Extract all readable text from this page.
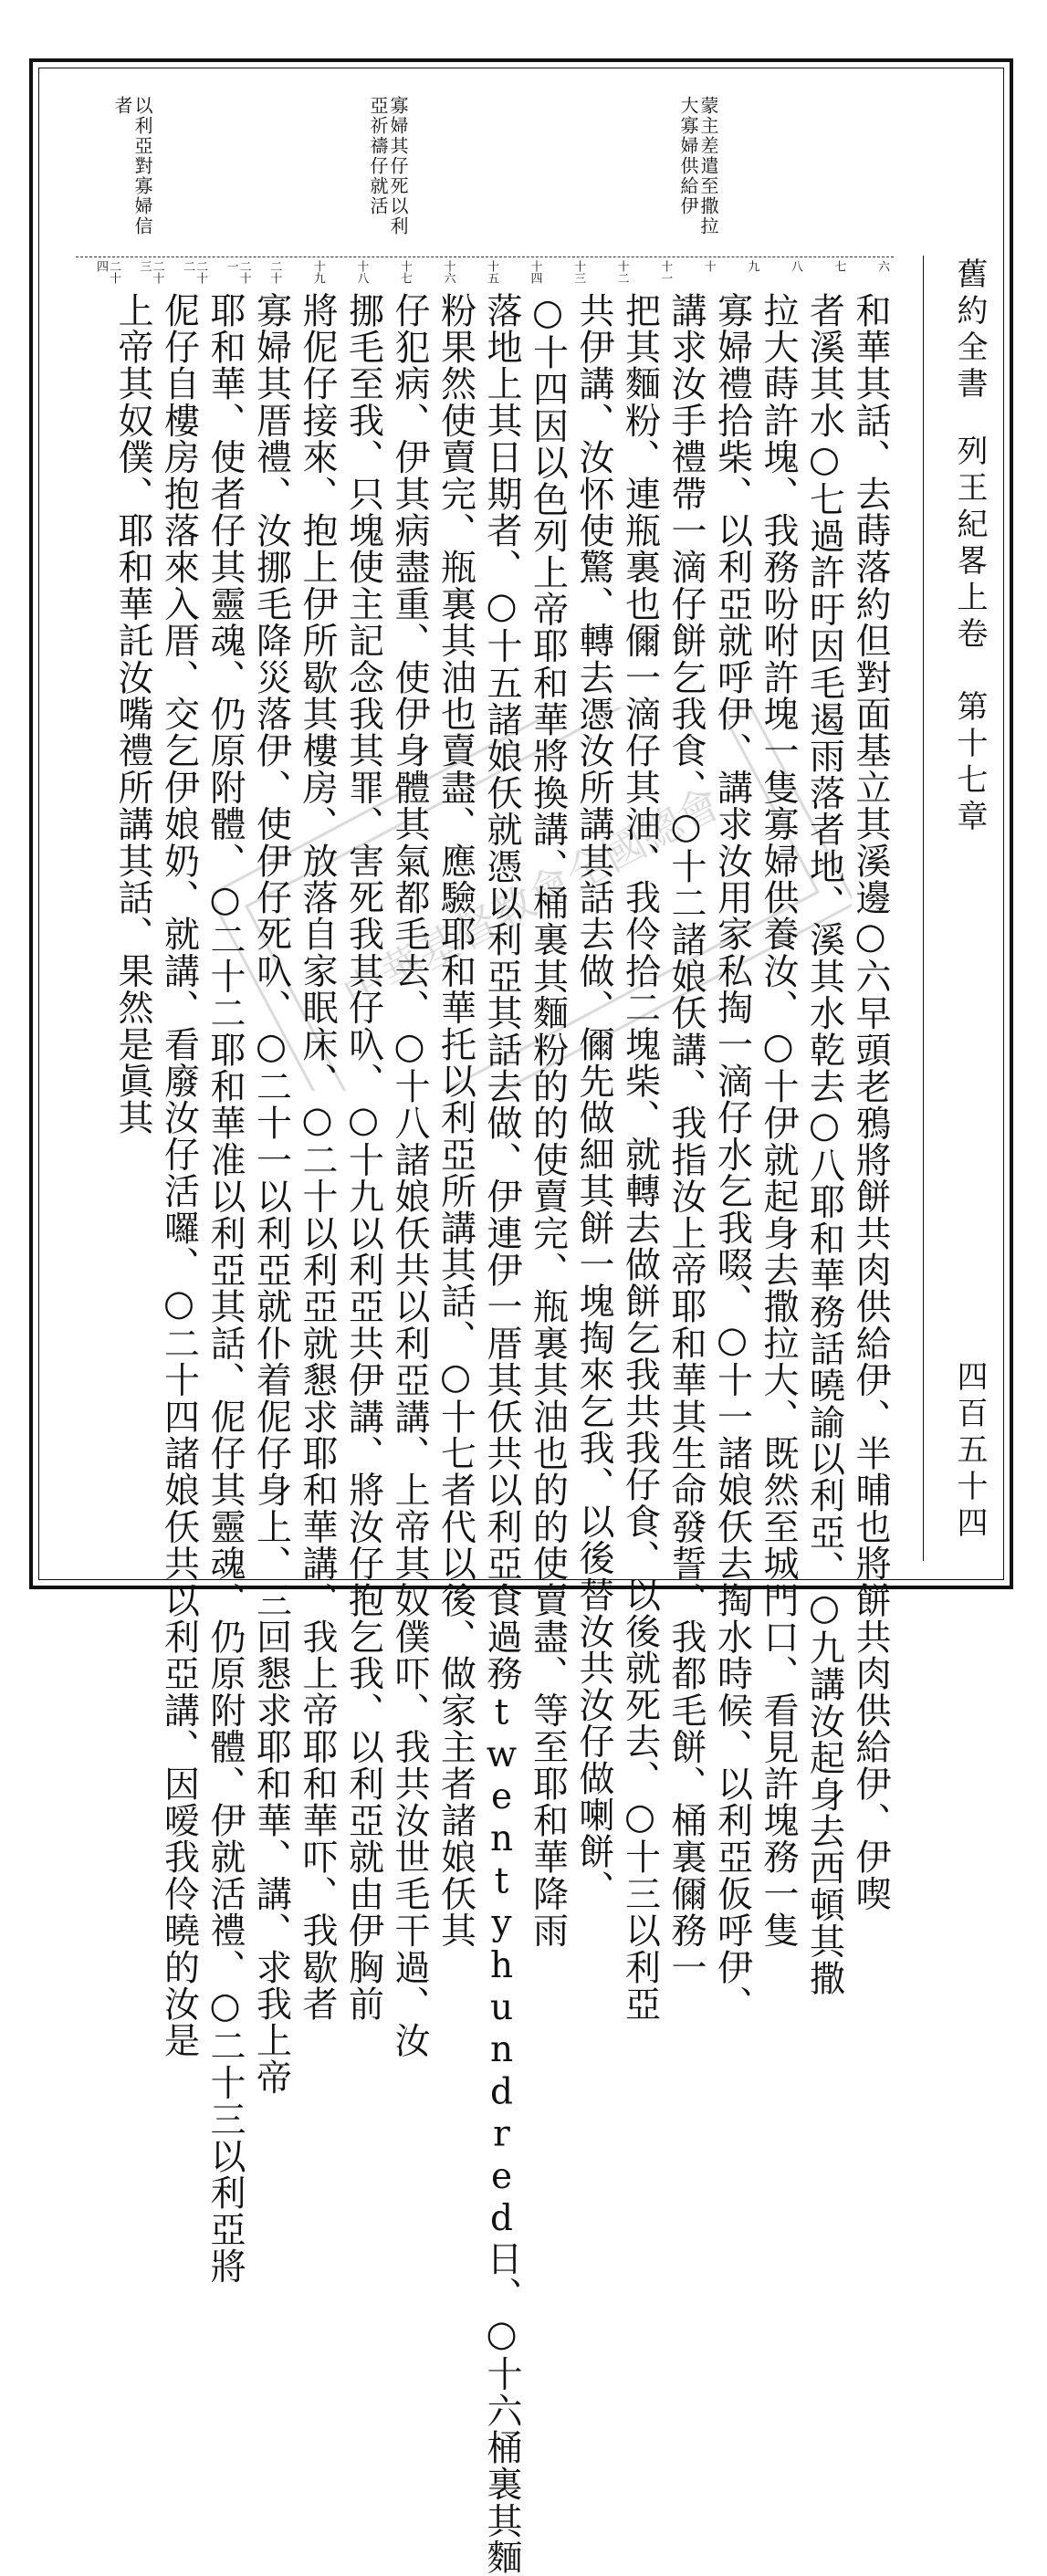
舊約全書列王紀畧上卷　第十七章
四百五十四
蒙主差遣至撒拉大寡婦供給伊
寡婦其仔死以利亞祈禱仔就活
以利亞對寡婦信者
六
七
八
九
十
十一
十二
十三
十四
十五
十六
十七
十八
十九
二十
二十一
二十二
二十三
二十四
和華其話、去蒔落約但對面基立其溪邊○六早頭老鴉將餅共肉供給伊、半晡也將餅共肉供給伊、伊喫
者溪其水○七過許旴因毛遏雨落者地、溪其水乾去○八耶和華務話曉諭以利亞、○九講汝起身去西頓其撒
拉大蒔許塊、我務吩咐許塊一隻寡婦供養汝、○十伊就起身去撒拉大、既然至城門口、看見許塊務一隻
寡婦禮拾柴、以利亞就呼伊、講求汝用家私掏一滴仔水乞我啜、○十一諸娘仸去掏水時候、以利亞仮呼伊、
講求汝手禮帶一滴仔餅乞我食、○十二諸娘仸講、我指汝上帝耶和華其生命發誓、我都毛餅、桶裏儞務一
把其麵粉、連瓶裏也儞一滴仔其油、我伶拾二塊柴、就轉去做餅乞我共我仔食、以後就死去、○十三以利亞
共伊講、汝怀使驚、轉去憑汝所講其話去做、儞先做細其餅一塊掏來乞我、以後替汝共汝仔做喇餅、
○十四因以色列上帝耶和華將換講、桶裏其麵粉的的使賣完、瓶裏其油也的的使賣盡、等至耶和華降雨
落地上其日期者、○十五諸娘仸就憑以利亞其話去做、伊連伊一厝其仸共以利亞食過務twentyhundred日、○十六桶裏其麵
粉果然使賣完、瓶裏其油也賣盡、應驗耶和華托以利亞所講其話、○十七者代以後、做家主者諸娘仸其
仔犯病、伊其病盡重、使伊身體其氣都毛去、○十八諸娘仸共以利亞講、上帝其奴僕吓、我共汝世毛干過、汝
挪毛至我、只塊使主記念我其罪、害死我其仔叺、○十九以利亞共伊講、將汝仔抱乞我、以利亞就由伊胸前
將伲仔接來、抱上伊所歇其樓房、放落自家眠床、○二十以利亞就懇求耶和華講、我上帝耶和華吓、我歇者
寡婦其厝禮、汝挪毛降災落伊、使伊仔死叺、○二十一以利亞就仆着伲仔身上、三回懇求耶和華、講、求我上帝
耶和華、使者仔其靈魂、仍原附體、○二十二耶和華准以利亞其話、伲仔其靈魂、仍原附體、伊就活禮、○二十三以利亞將
伲仔自樓房抱落來入厝、交乞伊娘奶、就講、看廢汝仔活囉、○二十四諸娘仸共以利亞講、因嗳我伶曉的汝是
上帝其奴僕、耶和華託汝嘴禮所講其話、果然是眞其	中華基督教會全國總會
